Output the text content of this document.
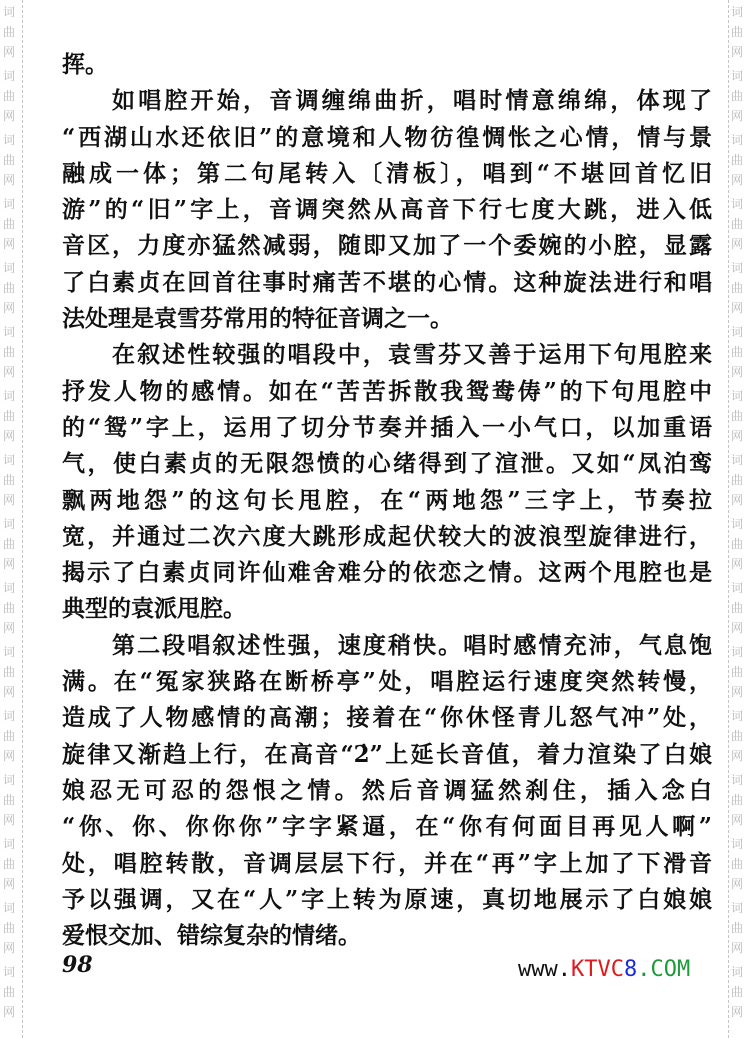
词曲网
词曲网
词曲网
词曲网
词曲网
词曲网
词曲网
词曲网
词曲网
词曲网
词曲网
词曲网
词曲网
词曲网
词曲网
词曲网
词曲网
词曲网
词曲网
词曲网
词曲网
词曲网
词曲网
词曲网
词曲网
词曲网
词曲网
词曲网
词曲网
词曲网
词曲网
词曲网
挥。
如唱腔开始，音调缠绵曲折，唱时情意绵绵，体现了
“西湖山水还依旧”的意境和人物彷徨惆怅之心情，情与景
融成一体；第二句尾转入〔清板〕，唱到“不堪回首忆旧
游”的“旧”字上，音调突然从高音下行七度大跳，进入低
音区，力度亦猛然减弱，随即又加了一个委婉的小腔，显露
了白素贞在回首往事时痛苦不堪的心情。这种旋法进行和唱
法处理是袁雪芬常用的特征音调之一。
在叙述性较强的唱段中，袁雪芬又善于运用下句甩腔来
抒发人物的感情。如在“苦苦拆散我鸳鸯俦”的下句甩腔中
的“鸳”字上，运用了切分节奏并插入一小气口，以加重语
气，使白素贞的无限怨愤的心绪得到了渲泄。又如“凤泊鸾
飘两地怨”的这句长甩腔，在“两地怨”三字上，节奏拉
宽，并通过二次六度大跳形成起伏较大的波浪型旋律进行，
揭示了白素贞同许仙难舍难分的依恋之情。这两个甩腔也是
典型的袁派甩腔。
第二段唱叙述性强，速度稍快。唱时感情充沛，气息饱
满。在“冤家狭路在断桥亭”处，唱腔运行速度突然转慢，
造成了人物感情的高潮；接着在“你休怪青儿怒气冲”处，
旋律又渐趋上行，在高音“2̇”上延长音值，着力渲染了白娘
娘忍无可忍的怨恨之情。然后音调猛然刹住，插入念白
“你、你、你你你”字字紧逼，在“你有何面目再见人啊”
处，唱腔转散，音调层层下行，并在“再”字上加了下滑音
予以强调，又在“人”字上转为原速，真切地展示了白娘娘
爱恨交加、错综复杂的情绪。
98	www.KTVC8.COM
